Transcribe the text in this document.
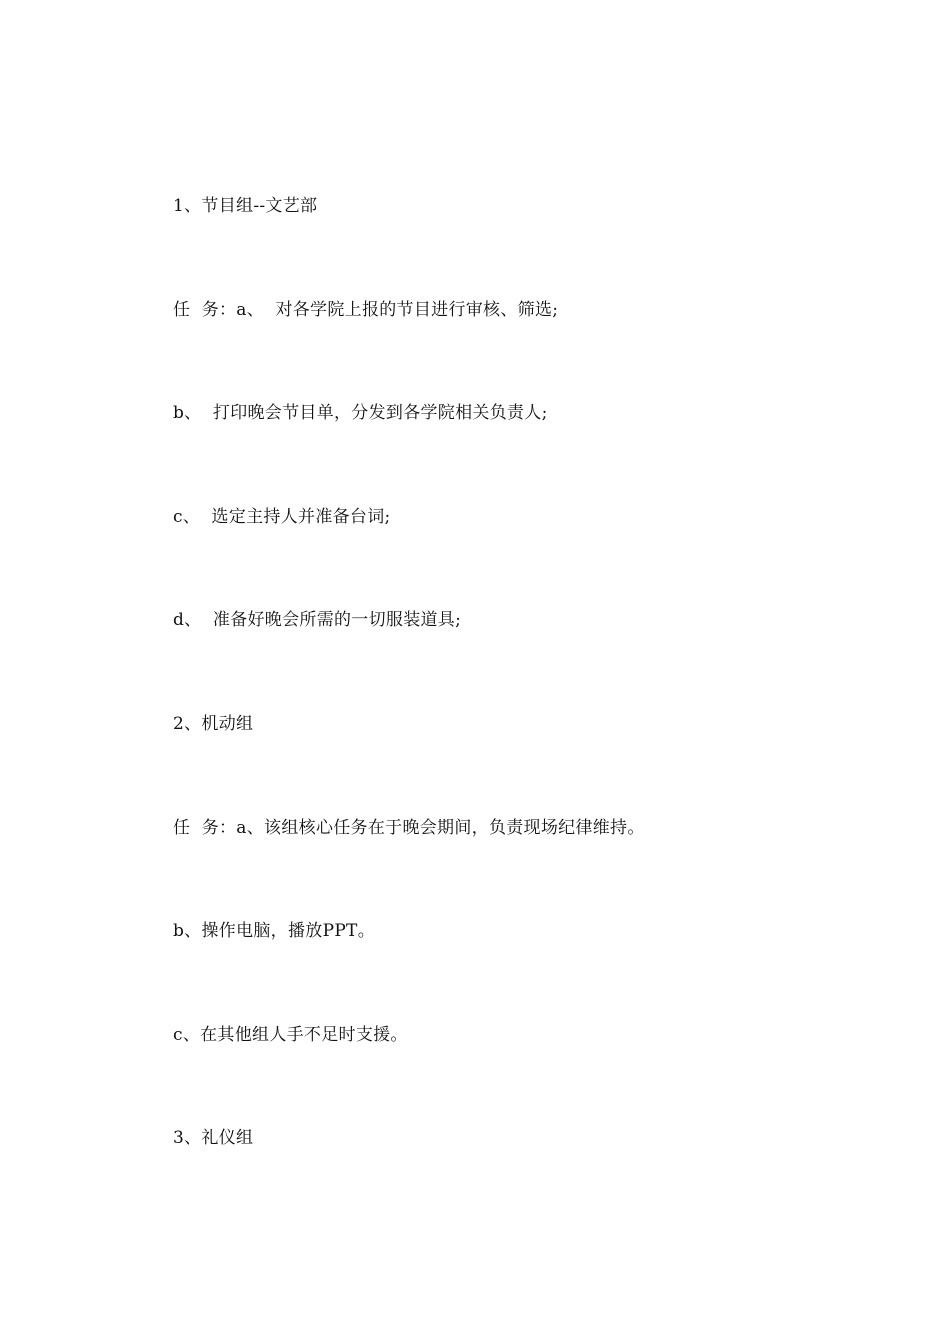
1、节目组--文艺部
任  务：a、  对各学院上报的节目进行审核、筛选;
b、  打印晚会节目单，分发到各学院相关负责人;
c、  选定主持人并准备台词;
d、  准备好晚会所需的一切服装道具;
2、机动组
任  务：a、该组核心任务在于晚会期间，负责现场纪律维持。
b、操作电脑，播放PPT。
c、在其他组人手不足时支援。
3、礼仪组
